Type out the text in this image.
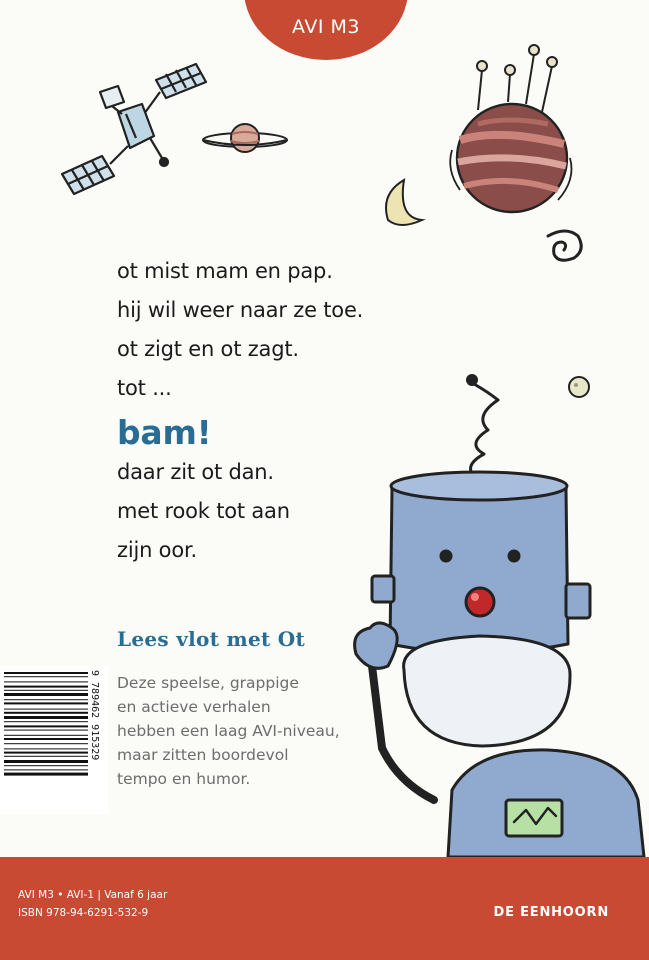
AVI M3
ot mist mam en pap.
hij wil weer naar ze toe.
ot zigt en ot zagt.
tot ...
bam!
daar zit ot dan.
met rook tot aan
zijn oor.
Lees vlot met Ot
Deze speelse, grappige
en actieve verhalen
hebben een laag AVI-niveau,
maar zitten boordevol
tempo en humor.
9 789462 915329
AVI M3 • AVI-1 | Vanaf 6 jaar
ISBN 978-94-6291-532-9	DE EENHOORN
